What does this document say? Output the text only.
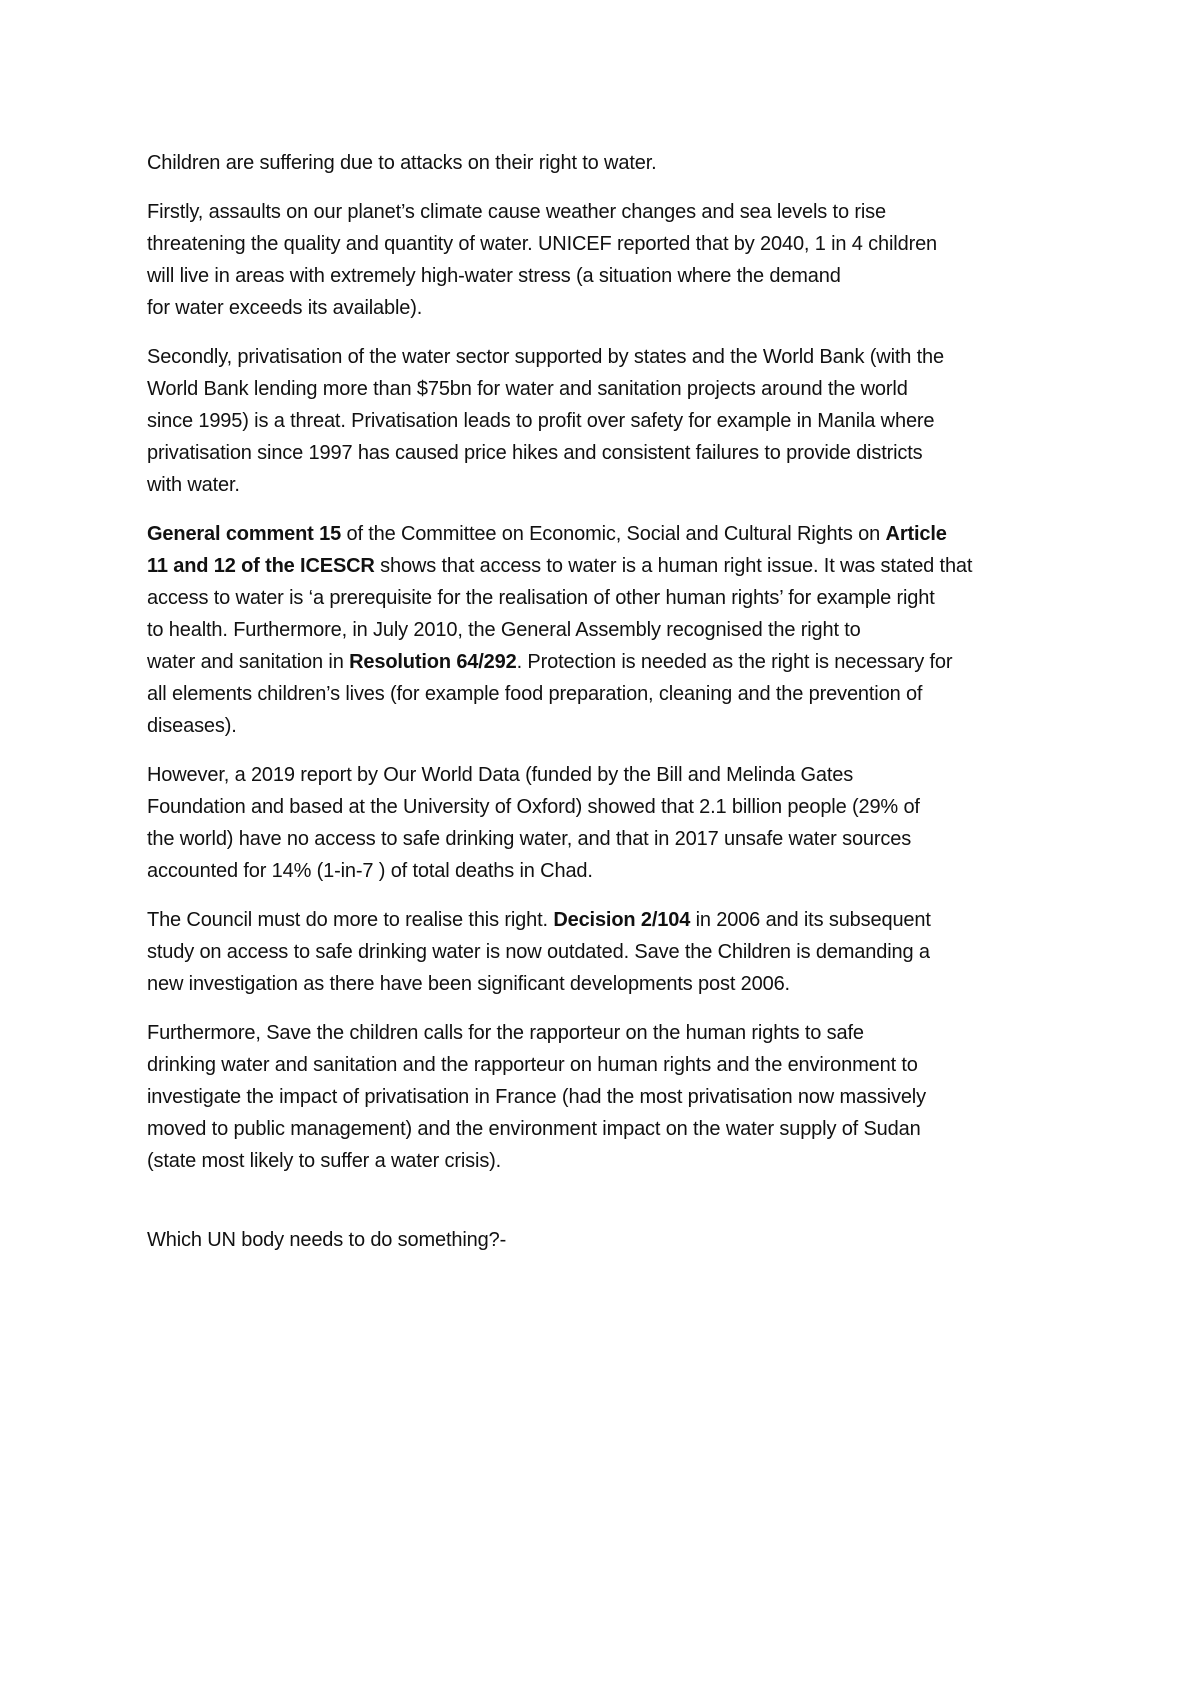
Children are suffering due to attacks on their right to water.

Firstly, assaults on our planet’s climate cause weather changes and sea levels to rise
threatening the quality and quantity of water. UNICEF reported that by 2040, 1 in 4 children
will live in areas with extremely high-water stress (a situation where the demand
for water exceeds its available).

Secondly, privatisation of the water sector supported by states and the World Bank (with the
World Bank lending more than $75bn for water and sanitation projects around the world
since 1995) is a threat. Privatisation leads to profit over safety for example in Manila where
privatisation since 1997 has caused price hikes and consistent failures to provide districts
with water.

General comment 15 of the Committee on Economic, Social and Cultural Rights on Article
11 and 12 of the ICESCR shows that access to water is a human right issue. It was stated that
access to water is ‘a prerequisite for the realisation of other human rights’ for example right
to health. Furthermore, in July 2010, the General Assembly recognised the right to
water and sanitation in Resolution 64/292. Protection is needed as the right is necessary for
all elements children’s lives (for example food preparation, cleaning and the prevention of
diseases).

However, a 2019 report by Our World Data (funded by the Bill and Melinda Gates
Foundation and based at the University of Oxford) showed that 2.1 billion people (29% of
the world) have no access to safe drinking water, and that in 2017 unsafe water sources
accounted for 14% (1-in-7 ) of total deaths in Chad.

The Council must do more to realise this right. Decision 2/104 in 2006 and its subsequent
study on access to safe drinking water is now outdated. Save the Children is demanding a
new investigation as there have been significant developments post 2006.

Furthermore, Save the children calls for the rapporteur on the human rights to safe
drinking water and sanitation and the rapporteur on human rights and the environment to
investigate the impact of privatisation in France (had the most privatisation now massively
moved to public management) and the environment impact on the water supply of Sudan
(state most likely to suffer a water crisis).

Which UN body needs to do something?-
